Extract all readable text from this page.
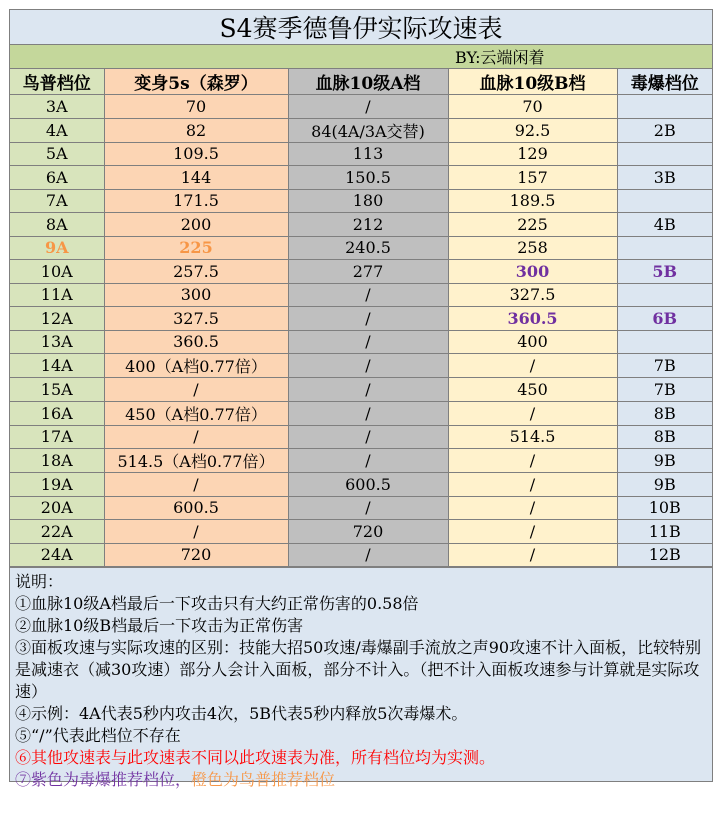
S4赛季德鲁伊实际攻速表
BY:云端闲着
鸟普档位	变身5s（森罗）	血脉10级A档	血脉10级B档	毒爆档位
3A	70	/	70	
4A	82	84(4A/3A交替)	92.5	2B
5A	109.5	113	129	
6A	144	150.5	157	3B
7A	171.5	180	189.5	
8A	200	212	225	4B
9A	225	240.5	258	
10A	257.5	277	300	5B
11A	300	/	327.5	
12A	327.5	/	360.5	6B
13A	360.5	/	400	
14A	400（A档0.77倍）	/	/	7B
15A	/	/	450	7B
16A	450（A档0.77倍）	/	/	8B
17A	/	/	514.5	8B
18A	514.5（A档0.77倍）	/	/	9B
19A	/	600.5	/	9B
20A	600.5	/	/	10B
22A	/	720	/	11B
24A	720	/	/	12B
说明：
①血脉10级A档最后一下攻击只有大约正常伤害的0.58倍
②血脉10级B档最后一下攻击为正常伤害
③面板攻速与实际攻速的区别：技能大招50攻速/毒爆副手流放之声90攻速不计入面板，比较特别是减速衣（减30攻速）部分人会计入面板，部分不计入。（把不计入面板攻速参与计算就是实际攻速）
④示例：4A代表5秒内攻击4次，5B代表5秒内释放5次毒爆术。
⑤“/”代表此档位不存在
⑥其他攻速表与此攻速表不同以此攻速表为准，所有档位均为实测。
⑦紫色为毒爆推荐档位，橙色为鸟普推荐档位
